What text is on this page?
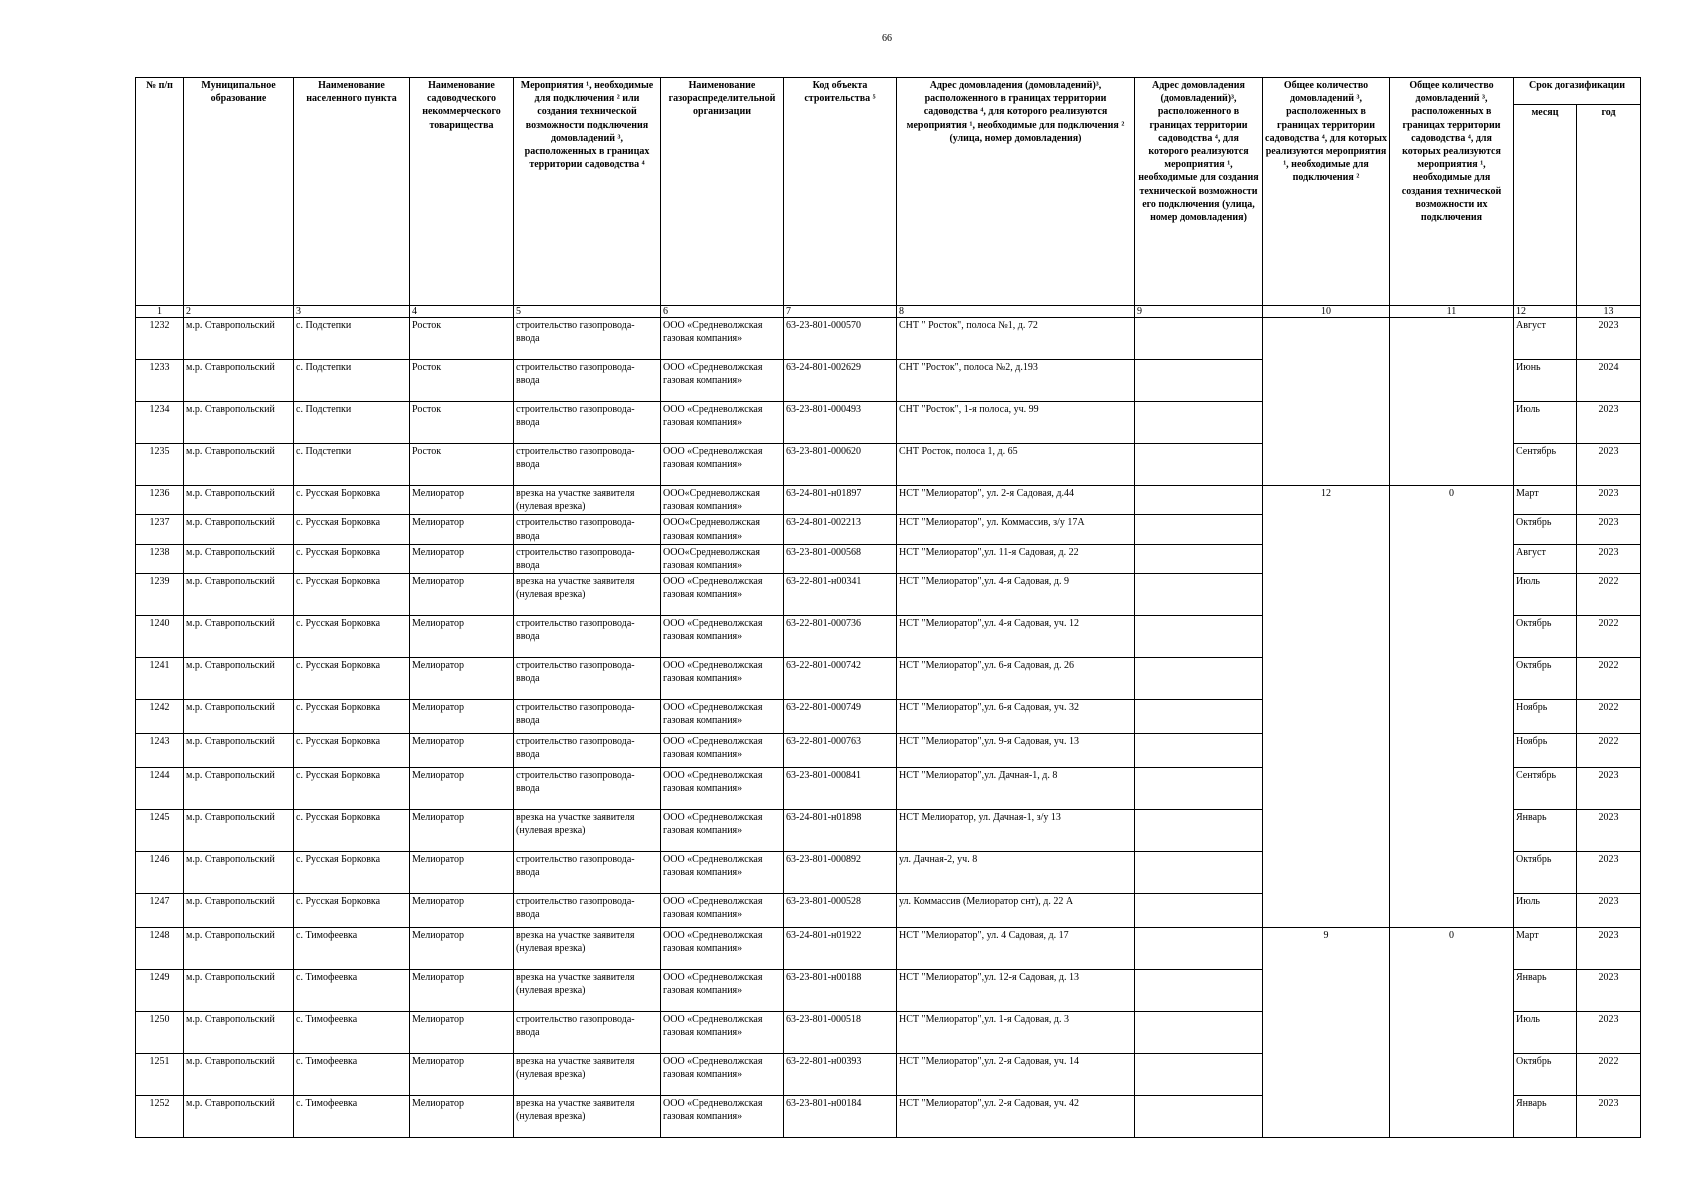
66
№ п/п	Муниципальное образование	Наименование населенного пункта	Наименование садоводческого некоммерческого товарищества	Мероприятия ¹, необходимые для подключения ² или создания технической возможности подключения домовладений ³, расположенных в границах территории садоводства ⁴	Наименование газораспределительной организации	Код объекта строительства ⁵	Адрес домовладения (домовладений)³, расположенного в границах территории садоводства ⁴, для которого реализуются мероприятия ¹, необходимые для подключения ² (улица, номер домовладения)	Адрес домовладения (домовладений)³, расположенного в границах территории садоводства ⁴, для которого реализуются мероприятия ¹, необходимые для создания технической возможности его подключения (улица, номер домовладения)	Общее количество домовладений ³, расположенных в границах территории садоводства ⁴, для которых реализуются мероприятия ¹, необходимые для подключения ²	Общее количество домовладений ³, расположенных в границах территории садоводства ⁴, для которых реализуются мероприятия ¹, необходимые для создания технической возможности их подключения	Срок догазификации	
											месяц	год
1	2	3	4	5	6	7	8	9	10	11	12	13
1232	м.р. Ставропольский	с. Подстепки	Росток	строительство газопровода-ввода	ООО «Средневолжская газовая компания»	63-23-801-000570	СНТ " Росток", полоса №1, д. 72				Август	2023
1233	м.р. Ставропольский	с. Подстепки	Росток	строительство газопровода-ввода	ООО «Средневолжская газовая компания»	63-24-801-002629	СНТ "Росток", полоса №2, д.193				Июнь	2024
1234	м.р. Ставропольский	с. Подстепки	Росток	строительство газопровода-ввода	ООО «Средневолжская газовая компания»	63-23-801-000493	СНТ "Росток", 1-я полоса, уч. 99				Июль	2023
1235	м.р. Ставропольский	с. Подстепки	Росток	строительство газопровода-ввода	ООО «Средневолжская газовая компания»	63-23-801-000620	СНТ Росток, полоса 1, д. 65				Сентябрь	2023
1236	м.р. Ставропольский	с. Русская Борковка	Мелиоратор	врезка на участке заявителя (нулевая врезка)	ООО«Средневолжская газовая компания»	63-24-801-н01897	НСТ "Мелиоратор", ул. 2-я Садовая, д.44		12	0	Март	2023
1237	м.р. Ставропольский	с. Русская Борковка	Мелиоратор	строительство газопровода-ввода	ООО«Средневолжская газовая компания»	63-24-801-002213	НСТ "Мелиоратор", ул. Коммассив, з/у 17А				Октябрь	2023
1238	м.р. Ставропольский	с. Русская Борковка	Мелиоратор	строительство газопровода-ввода	ООО«Средневолжская газовая компания»	63-23-801-000568	НСТ "Мелиоратор",ул. 11-я Садовая, д. 22				Август	2023
1239	м.р. Ставропольский	с. Русская Борковка	Мелиоратор	врезка на участке заявителя (нулевая врезка)	ООО «Средневолжская газовая компания»	63-22-801-н00341	НСТ "Мелиоратор",ул. 4-я Садовая, д. 9				Июль	2022
1240	м.р. Ставропольский	с. Русская Борковка	Мелиоратор	строительство газопровода-ввода	ООО «Средневолжская газовая компания»	63-22-801-000736	НСТ "Мелиоратор",ул. 4-я Садовая, уч. 12				Октябрь	2022
1241	м.р. Ставропольский	с. Русская Борковка	Мелиоратор	строительство газопровода-ввода	ООО «Средневолжская газовая компания»	63-22-801-000742	НСТ "Мелиоратор",ул. 6-я Садовая, д. 26				Октябрь	2022
1242	м.р. Ставропольский	с. Русская Борковка	Мелиоратор	строительство газопровода-ввода	ООО «Средневолжская газовая компания»	63-22-801-000749	НСТ "Мелиоратор",ул. 6-я Садовая, уч. 32				Ноябрь	2022
1243	м.р. Ставропольский	с. Русская Борковка	Мелиоратор	строительство газопровода-ввода	ООО «Средневолжская газовая компания»	63-22-801-000763	НСТ "Мелиоратор",ул. 9-я Садовая, уч. 13				Ноябрь	2022
1244	м.р. Ставропольский	с. Русская Борковка	Мелиоратор	строительство газопровода-ввода	ООО «Средневолжская газовая компания»	63-23-801-000841	НСТ "Мелиоратор",ул. Дачная-1, д. 8				Сентябрь	2023
1245	м.р. Ставропольский	с. Русская Борковка	Мелиоратор	врезка на участке заявителя (нулевая врезка)	ООО «Средневолжская газовая компания»	63-24-801-н01898	НСТ Мелиоратор, ул. Дачная-1, з/у 13				Январь	2023
1246	м.р. Ставропольский	с. Русская Борковка	Мелиоратор	строительство газопровода-ввода	ООО «Средневолжская газовая компания»	63-23-801-000892	ул. Дачная-2, уч. 8				Октябрь	2023
1247	м.р. Ставропольский	с. Русская Борковка	Мелиоратор	строительство газопровода-ввода	ООО «Средневолжская газовая компания»	63-23-801-000528	ул. Коммассив (Мелиоратор снт), д. 22 А				Июль	2023
1248	м.р. Ставропольский	с. Тимофеевка	Мелиоратор	врезка на участке заявителя (нулевая врезка)	ООО «Средневолжская газовая компания»	63-24-801-н01922	НСТ "Мелиоратор", ул. 4 Садовая, д. 17		9	0	Март	2023
1249	м.р. Ставропольский	с. Тимофеевка	Мелиоратор	врезка на участке заявителя (нулевая врезка)	ООО «Средневолжская газовая компания»	63-23-801-н00188	НСТ "Мелиоратор",ул. 12-я Садовая, д. 13				Январь	2023
1250	м.р. Ставропольский	с. Тимофеевка	Мелиоратор	строительство газопровода-ввода	ООО «Средневолжская газовая компания»	63-23-801-000518	НСТ "Мелиоратор",ул. 1-я Садовая, д. 3				Июль	2023
1251	м.р. Ставропольский	с. Тимофеевка	Мелиоратор	врезка на участке заявителя (нулевая врезка)	ООО «Средневолжская газовая компания»	63-22-801-н00393	НСТ "Мелиоратор",ул. 2-я Садовая, уч. 14				Октябрь	2022
1252	м.р. Ставропольский	с. Тимофеевка	Мелиоратор	врезка на участке заявителя (нулевая врезка)	ООО «Средневолжская газовая компания»	63-23-801-н00184	НСТ "Мелиоратор",ул. 2-я Садовая, уч. 42				Январь	2023
